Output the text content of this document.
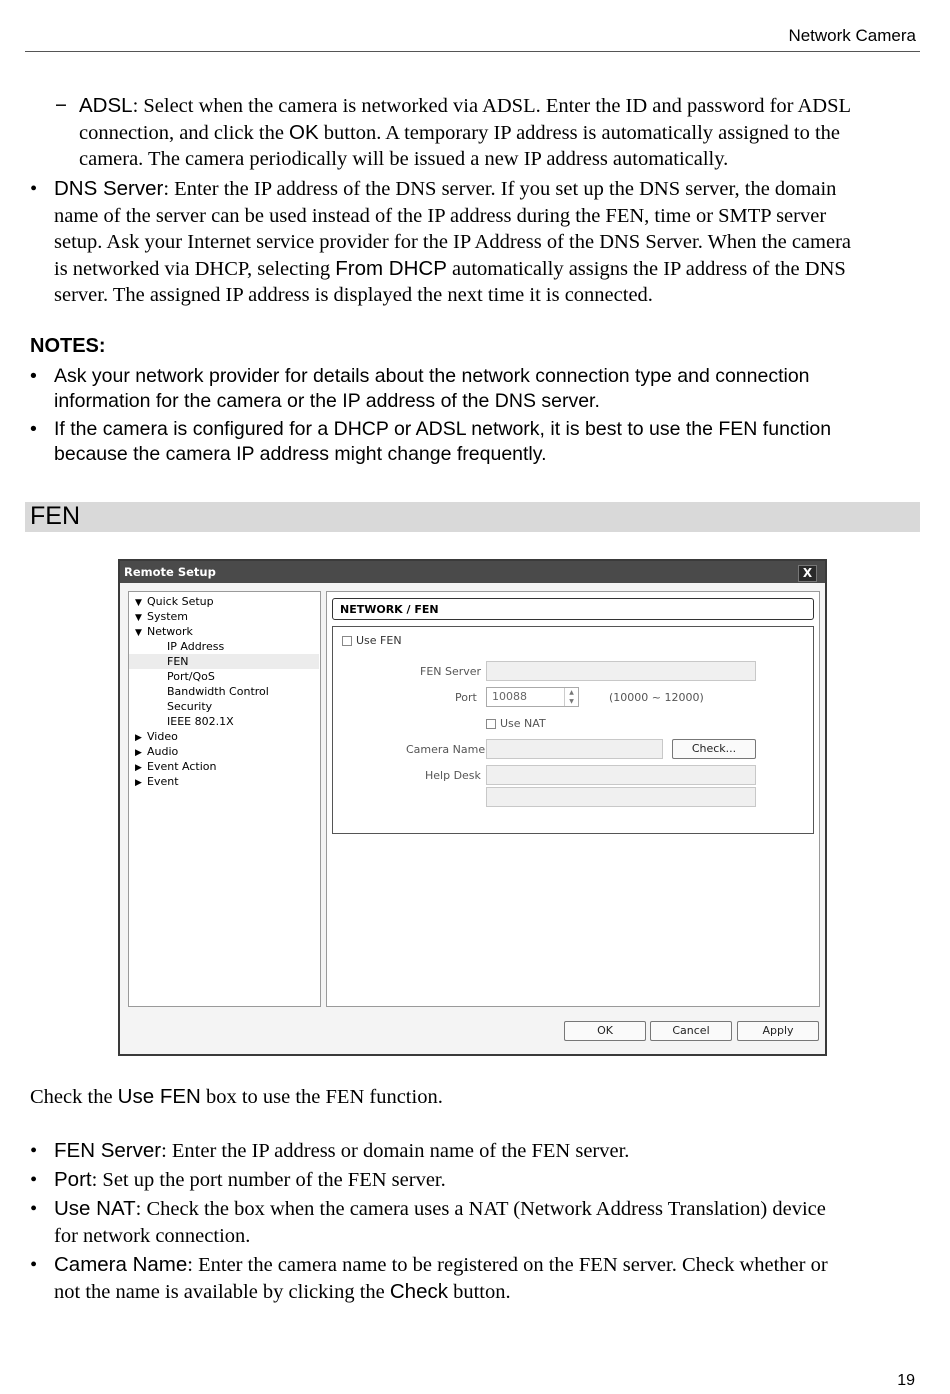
Network Camera
− ADSL: Select when the camera is networked via ADSL. Enter the ID and password for ADSL
connection, and click the OK button. A temporary IP address is automatically assigned to the
camera. The camera periodically will be issued a new IP address automatically.
• DNS Server: Enter the IP address of the DNS server. If you set up the DNS server, the domain
name of the server can be used instead of the IP address during the FEN, time or SMTP server
setup. Ask your Internet service provider for the IP Address of the DNS Server. When the camera
is networked via DHCP, selecting From DHCP automatically assigns the IP address of the DNS
server. The assigned IP address is displayed the next time it is connected.
NOTES:
• Ask your network provider for details about the network connection type and connection
information for the camera or the IP address of the DNS server.
• If the camera is configured for a DHCP or ADSL network, it is best to use the FEN function
because the camera IP address might change frequently.
FEN
Remote Setup	X
▼ Quick Setup
▼ System
▼ Network
IP Address
FEN
Port/QoS
Bandwidth Control
Security
IEEE 802.1X
▶ Video
▶ Audio
▶ Event Action
▶ Event
NETWORK / FEN
Use FEN
FEN Server
Port	10088	▲
▼	(10000 ~ 12000)
Use NAT
Camera Name	Check...
Help Desk
OK	Cancel	Apply
Check the Use FEN box to use the FEN function.
• FEN Server: Enter the IP address or domain name of the FEN server.
• Port: Set up the port number of the FEN server.
• Use NAT: Check the box when the camera uses a NAT (Network Address Translation) device
for network connection.
• Camera Name: Enter the camera name to be registered on the FEN server. Check whether or
not the name is available by clicking the Check button.
19
